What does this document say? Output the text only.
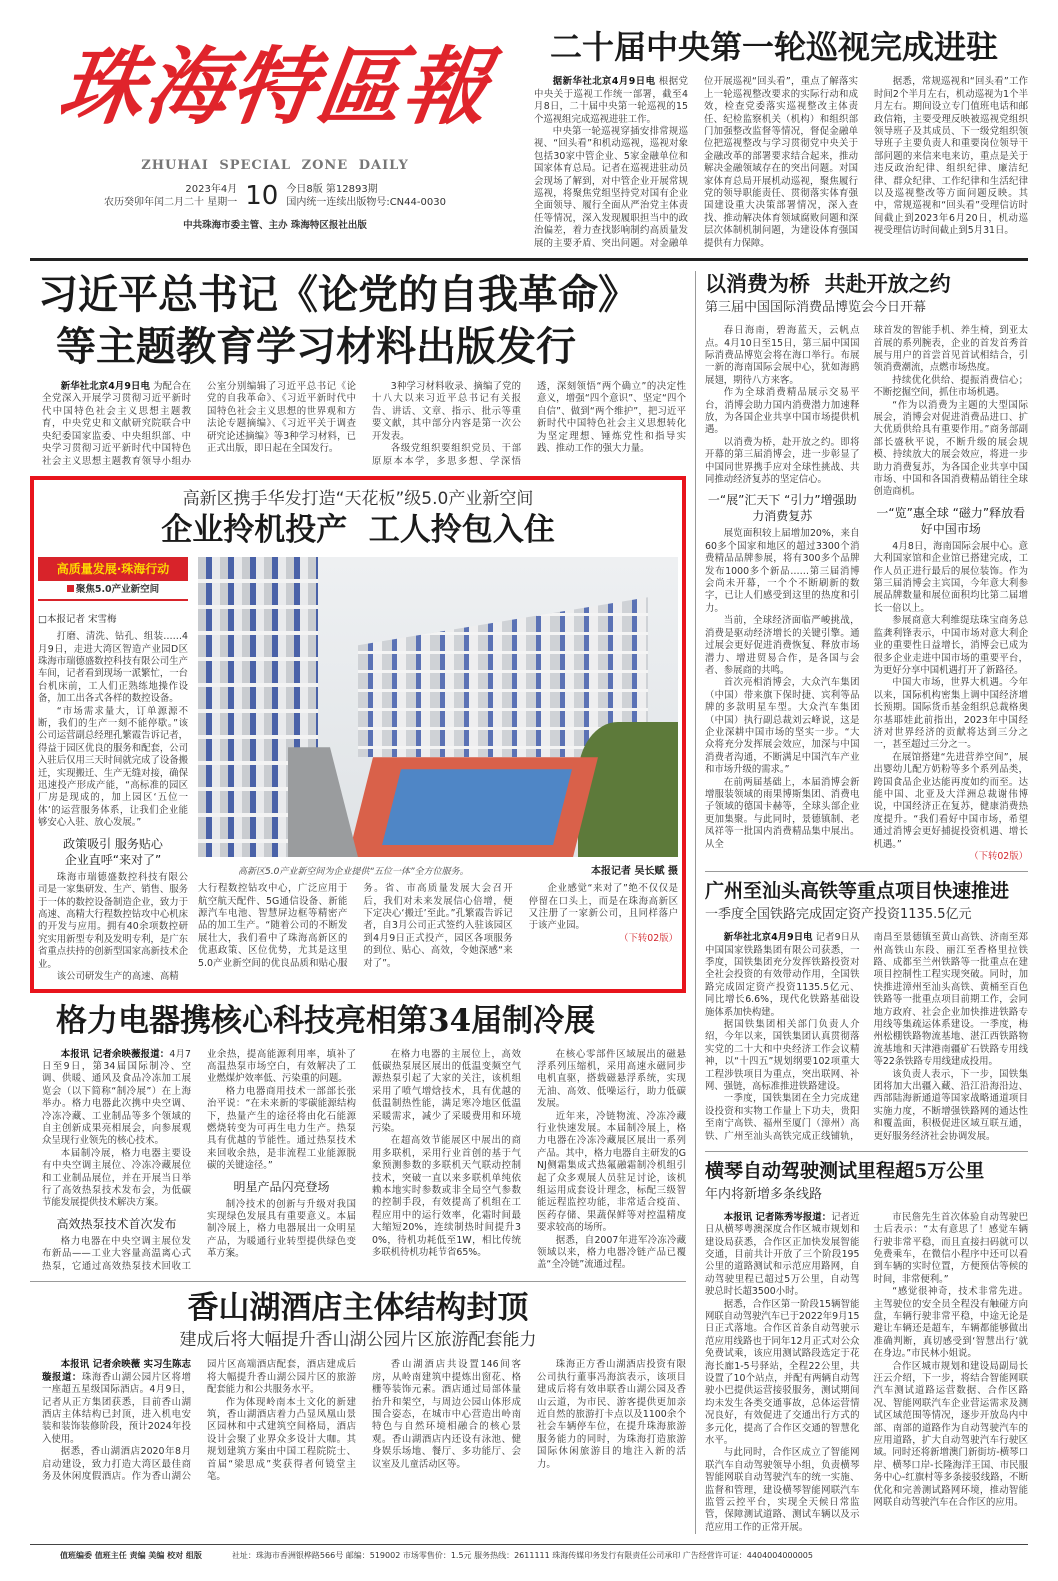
珠海特區報
ZHUHAI SPECIAL ZONE DAILY
2023年4月
农历癸卯年闰二月二十 星期一 10 今日8版 第12893期
国内统一连续出版物号:CN44-0030
中共珠海市委主管、主办 珠海特区报社出版
二十届中央第一轮巡视完成进驻

据新华社北京4月9日电 根据党中央关于巡视工作统一部署，截至4月8日，二十届中央第一轮巡视的15个巡视组完成巡视进驻工作。

中央第一轮巡视穿插安排常规巡视、“回头看”和机动巡视，巡视对象包括30家中管企业、5家金融单位和国家体育总局。记者在巡视进驻动员会现场了解到，对中管企业开展常规巡视，将聚焦党组坚持党对国有企业全面领导、履行全面从严治党主体责任等情况，深入发现履职担当中的政治偏差，着力查找影响制约高质量发展的主要矛盾、突出问题。对金融单位开展巡视“回头看”，重点了解落实上一轮巡视整改要求的实际行动和成效，检查党委落实巡视整改主体责任、纪检监察机关（机构）和组织部门加强整改监督等情况，督促金融单位把巡视整改与学习贯彻党中央关于金融改革的部署要求结合起来，推动解决金融领域存在的突出问题。对国家体育总局开展机动巡视，聚焦履行党的领导职能责任、贯彻落实体育强国建设重大决策部署情况，深入查找、推动解决体育领域腐败问题和深层次体制机制问题，为建设体育强国提供有力保障。

据悉，常规巡视和“回头看”工作时间2个半月左右，机动巡视为1个半月左右。期间设立专门值班电话和邮政信箱，主要受理反映被巡视党组织领导班子及其成员、下一级党组织领导班子主要负责人和重要岗位领导干部问题的来信来电来访，重点是关于违反政治纪律、组织纪律、廉洁纪律、群众纪律、工作纪律和生活纪律以及巡视整改等方面问题反映。其中，常规巡视和“回头看”受理信访时间截止到2023年6月20日，机动巡视受理信访时间截止到5月31日。

习近平总书记《论党的自我革命》
等主题教育学习材料出版发行

新华社北京4月9日电 为配合在全党深入开展学习贯彻习近平新时代中国特色社会主义思想主题教育，中央党史和文献研究院联合中央纪委国家监委、中央组织部、中央学习贯彻习近平新时代中国特色社会主义思想主题教育领导小组办公室分别编辑了习近平总书记《论党的自我革命》、《习近平新时代中国特色社会主义思想的世界观和方法论专题摘编》、《习近平关于调查研究论述摘编》等3种学习材料，已正式出版，即日起在全国发行。

3种学习材料收录、摘编了党的十八大以来习近平总书记有关报告、讲话、文章、指示、批示等重要文献，其中部分内容是第一次公开发表。

各级党组织要组织党员、干部原原本本学，多思多想、学深悟透，深刻领悟“两个确立”的决定性意义，增强“四个意识”、坚定“四个自信”、做到“两个维护”，把习近平新时代中国特色社会主义思想转化为坚定理想、锤炼党性和指导实践、推动工作的强大力量。

高新区携手华发打造“天花板”级5.0产业新空间
企业拎机投产  工人拎包入住
高质量发展·珠海行动
聚焦5.0产业新空间
□本报记者 宋雪梅

打磨、清洗、钻孔、组装……4月9日，走进大湾区智造产业园D区珠海市瑞德盛数控科技有限公司生产车间，记者看到现场一派繁忙，一台台机床前，工人们正熟练地操作设备，加工出各式各样的数控设备。

“市场需求量大，订单源源不断，我们的生产一刻不能停歇。”该公司运营副总经理孔繁霞告诉记者，得益于园区优良的服务和配套，公司入驻后仅用三天时间就完成了设备搬迁，实现搬迁、生产无缝对接，确保迅速投产形成产能，“高标准的园区厂房是现成的，加上园区‘五位一体’的运营服务体系，让我们企业能够安心入驻、放心发展。”

政策吸引 服务贴心
企业直呼“来对了”

珠海市瑞德盛数控科技有限公司是一家集研发、生产、销售、服务于一体的数控设备制造企业，致力于高速、高精大行程数控钻攻中心机床的开发与应用。拥有40余项数控研究实用新型专利及发明专利，是广东省重点扶持的创新型国家高新技术企业。

该公司研发生产的高速、高精

高新区5.0产业新空间为企业提供“五位一体”全方位服务。	本报记者 吴长赋 摄

大行程数控钻攻中心，广泛应用于航空航天配件、5G通信设备、新能源汽车电池、智慧屏边框等精密产品的加工生产。“随着公司的不断发展壮大，我们看中了珠海高新区的优惠政策、区位优势，尤其是这里5.0产业新空间的优良品质和贴心服务。省、市高质量发展大会召开后，我们对未来发展信心倍增，便下定决心‘搬迁’至此。”孔繁霞告诉记者，自3月公司正式签约入驻该园区到4月9日正式投产，园区各项服务的到位、贴心、高效，令她深感“来对了”。

企业感觉“来对了”绝不仅仅是停留在口头上，而是在珠海高新区又注册了一家新公司，且同样落户于该产业园。

（下转02版）

格力电器携核心科技亮相第34届制冷展

本报讯 记者余映薇报道：4月7日至9日，第34届国际制冷、空调、供暖、通风及食品冷冻加工展览会（以下简称“制冷展”）在上海举办。格力电器此次携中央空调、冷冻冷藏、工业制品等多个领域的自主创新成果亮相展会，向参展观众呈现行业领先的核心技术。

本届制冷展，格力电器主要设有中央空调主展位、冷冻冷藏展位和工业制品展位，并在开展当日举行了高效热泵技术发布会，为低碳节能发展提供技术解决方案。

高效热泵技术首次发布

格力电器在中央空调主展位发布新品——工业大容量高温离心式热泵，它通过高效热泵技术回收工业余热，提高能源利用率，填补了高温热泵市场空白，有效解决了工业燃煤炉效率低、污染重的问题。

格力电器商用技术一部部长张治平说：“在未来新的零碳能源结构下，热量产生的途径将由化石能源燃烧转变为可再生电力生产。热泵具有优越的节能性。通过热泵技术来回收余热，是非流程工业能源脱碳的关键途径。”

明星产品闪亮登场

制冷技术的创新与升级对我国实现绿色发展具有重要意义。本届制冷展上，格力电器展出一众明星产品，为暖通行业转型提供绿色变革方案。

在格力电器的主展位上，高效低碳热泵展区展出的低温变频空气源热泵引起了大家的关注，该机组采用了喷气增焓技术，具有优越的低温制热性能，满足寒冷地区低温采暖需求，减少了采暖费用和环境污染。

在超高效节能展区中展出的商用多联机，采用行业首创的基于气象预测参数的多联机天气联动控制技术，突破一直以来多联机单纯依赖本地实时参数或非全局空气参数的控制手段，有效提高了机组在工程应用中的运行效率，化霜时间最大缩短20%，连续制热时间提升30%，待机功耗低至1W，相比传统多联机待机功耗节省65%。

在核心零部件区域展出的磁悬浮系列压缩机，采用高速永磁同步电机直驱，搭载磁悬浮系统，实现无油、高效、低噪运行，助力低碳发展。

近年来，冷链物流、冷冻冷藏行业快速发展。本届制冷展上，格力电器在冷冻冷藏展区展出一系列产品。其中，格力电器自主研发的GNJ侧霜集成式热氟融霜制冷机组引起了众多观展人员驻足讨论，该机组运用成套设计理念，标配三级智能远程监控功能，非常适合疫苗、医药存储、果蔬保鲜等对控温精度要求较高的场所。

据悉，自2007年进军冷冻冷藏领域以来，格力电器冷链产品已覆盖“全冷链”流通过程。

香山湖酒店主体结构封顶
建成后将大幅提升香山湖公园片区旅游配套能力

本报讯 记者余映薇 实习生陈志璇报道：珠海香山湖公园片区将增一座超五星级国际酒店。4月9日，记者从正方集团获悉，目前香山湖酒店主体结构已封顶，进入机电安装和装饰装修阶段，预计2024年投入使用。

据悉，香山湖酒店2020年8月启动建设，致力打造大湾区最佳商务及休闲度假酒店。作为香山湖公园片区高端酒店配套，酒店建成后将大幅提升香山湖公园片区的旅游配套能力和公共服务水平。

作为体现岭南本土文化的新建筑，香山湖酒店着力凸显凤凰山景区园林和中式建筑空间格局，酒店设计会聚了业界众多设计大咖。其规划建筑方案由中国工程院院士、首届“梁思成”奖获得者何镜堂主笔。

香山湖酒店共设置146间客房，从岭南建筑中提炼出窗花、格栅等装饰元素。酒店通过局部体量抬升和架空，与周边公园山体形成围合姿态，在城市中心营造出岭南特色与自然环境相融合的核心景观。香山湖酒店内还设有泳池、健身娱乐场地、餐厅、多功能厅、会议室及儿童活动区等。

珠海正方香山湖酒店投资有限公司执行董事冯海滨表示，该项目建成后将有效串联香山湖公园及香山云道，为市民、游客提供更加亲近自然的旅游打卡点以及1100余个社会车辆停车位，在提升珠海旅游服务能力的同时，为珠海打造旅游国际休闲旅游目的地注入新的活力。

以消费为桥  共赴开放之约
第三届中国国际消费品博览会今日开幕

春日海南，碧海蓝天，云帆点点。4月10日至15日，第三届中国国际消费品博览会将在海口举行。布展一新的海南国际会展中心，犹如海鸥展翅，期待八方来客。

作为全球消费精品展示交易平台，消博会助力国内消费潜力加速释放，为各国企业共享中国市场提供机遇。

以消费为桥，赴开放之约。即将开幕的第三届消博会，进一步彰显了中国同世界携手应对全球性挑战、共同推动经济复苏的坚定信心。

一“展”汇天下 “引力”增强助力消费复苏

展览面积较上届增加20%，来自60多个国家和地区的超过3300个消费精品品牌参展，将有300多个品牌发布1000多个新品……第三届消博会尚未开幕，一个个不断刷新的数字，已让人们感受到这里的热度和引力。

当前，全球经济面临严峻挑战，消费是驱动经济增长的关键引擎。通过展会更好促进消费恢复、释放市场潜力、增进贸易合作，是各国与会者、参展商的共鸣。

首次亮相消博会，大众汽车集团（中国）带来旗下保时捷、宾利等品牌的多款明星车型。大众汽车集团（中国）执行副总裁刘云峰说，这是企业深耕中国市场的坚实一步。“大众将充分发挥展会效应，加深与中国消费者沟通，不断满足中国汽车产业和市场升级的需求。”

在前两届基础上，本届消博会新增服装领域的雨果博斯集团、消费电子领域的德国卡赫等，全球头部企业更加集聚。与此同时，景德镇制、老凤祥等一批国内消费精品集中展出。从全

球首发的智能手机、养生椅，到亚太首展的系列腕表，企业的首发首秀首展与用户的首尝首见首试相结合，引领消费潮流，点燃市场热度。

持续优化供给、提振消费信心；不断挖掘空间，抓住市场机遇。

“作为以消费为主题的大型国际展会，消博会对促进消费品进口、扩大优质供给具有重要作用。”商务部副部长盛秋平说，不断升级的展会规模、持续放大的展会效应，将进一步助力消费复苏，为各国企业共享中国市场、中国和各国消费精品销往全球创造商机。

一“览”惠全球 “磁力”释放看好中国市场

4月8日，海南国际会展中心。意大利国家馆和企业馆已搭建完成，工作人员正进行最后的展位装饰。作为第三届消博会主宾国，今年意大利参展品牌数量和展位面积均比第二届增长一倍以上。

参展商意大利维缇珐珠宝商务总监龚利锋表示，中国市场对意大利企业的重要性日益增长，消博会已成为很多企业走进中国市场的重要平台，为更好分享中国机遇打开了新路径。

中国大市场，世界大机遇。今年以来，国际机构密集上调中国经济增长预期。国际货币基金组织总裁格奥尔基耶娃此前指出，2023年中国经济对世界经济的贡献将达到三分之一，甚至超过三分之一。

在展馆搭建“先进营养空间”，展出婴幼儿配方奶粉等多个系列品类，跨国食品企业达能再度如约而至。达能中国、北亚及大洋洲总裁谢伟博说，中国经济正在复苏，健康消费热度提升。“我们看好中国市场，希望通过消博会更好捕捉投资机遇、增长机遇。”

（下转02版）

广州至汕头高铁等重点项目快速推进
一季度全国铁路完成固定资产投资1135.5亿元

新华社北京4月9日电 记者9日从中国国家铁路集团有限公司获悉，一季度，国铁集团充分发挥铁路投资对全社会投资的有效带动作用，全国铁路完成固定资产投资1135.5亿元、同比增长6.6%，现代化铁路基础设施体系加快构建。

据国铁集团相关部门负责人介绍，今年以来，国铁集团认真贯彻落实党的二十大和中央经济工作会议精神，以“十四五”规划纲要102项重大工程涉铁项目为重点，突出联网、补网、强链，高标准推进铁路建设。

一季度，国铁集团在全力完成建设投资和实物工作量上下功夫，贵阳至南宁高铁、福州至厦门（漳州）高铁、广州至汕头高铁完成正线铺轨，南昌至景德镇至黄山高铁、济南至郑州高铁山东段、丽江至香格里拉铁路、成都至兰州铁路等一批重点在建项目控制性工程实现突破。同时，加快推进漳州至汕头高铁、黄桶至百色铁路等一批重点项目前期工作，会同地方政府、社会企业加快推进铁路专用线等集疏运体系建设。一季度，梅州松棚铁路物流基地、湛江西铁路物流基地和天津港南疆矿石铁路专用线等22条铁路专用线建成投用。

该负责人表示，下一步，国铁集团将加大出疆入藏、沿江沿海沿边、西部陆海新通道等国家战略通道项目实施力度，不断增强铁路网的通达性和覆盖面，积极促进区域互联互通，更好服务经济社会协调发展。

横琴自动驾驶测试里程超5万公里
年内将新增多条线路

本报讯 记者陈秀岑报道：记者近日从横琴粤澳深度合作区城市规划和建设局获悉，合作区正加快发展智能交通，目前共计开放了三个阶段195公里的道路测试和示范应用路网，自动驾驶里程已超过5万公里，自动驾驶总时长超3500小时。

据悉，合作区第一阶段15辆智能网联自动驾驶汽车已于2022年9月15日正式落地。合作区首条自动驾驶示范应用线路也于同年12月正式对公众免费试乘，该应用测试路段选定于花海长廊1-5号驿站，全程22公里，共设置了10个站点，并配有两辆自动驾驶小巴提供运营接驳服务，测试期间均未发生各类交通事故，总体运营情况良好，有效促进了交通出行方式的多元化，提高了合作区交通的智慧化水平。

与此同时，合作区成立了智能网联汽车自动驾驶领导小组，负责横琴智能网联自动驾驶汽车的统一实施、监督和管理，建设横琴智能网联汽车监管云控平台，实现全天候日常监管，保障测试道路、测试车辆以及示范应用工作的正常开展。

市民詹先生首次体验自动驾驶巴士后表示：“太有意思了！感觉车辆行驶非常平稳，而且直接扫码就可以免费乘车，在微信小程序中还可以看到车辆的实时位置，方便预估等候的时间，非常便利。”

“感觉很神奇，技术非常先进。主驾驶位的安全员全程没有触碰方向盘，车辆行驶非常平稳，中途无论是避让车辆还是超车，车辆都能够做出准确判断，真切感受到‘智慧出行’就在身边。”市民林小姐说。

合作区城市规划和建设局副局长汪云介绍，下一步，将结合智能网联汽车测试道路运营数据、合作区路况、智能网联汽车企业营运需求及测试区域范围等情况，逐步开放岛内中部、南部的道路作为自动驾驶汽车的应用道路，扩大自动驾驶汽车行驶区域。同时还将新增澳门新街坊-横琴口岸、横琴口岸-长隆海洋王国、市民服务中心-红旗村等多条接驳线路，不断优化和完善测试路网环境，推动智能网联自动驾驶汽车在合作区的应用。

值班编委 值班主任 责编 美编 校对 组版	社址：珠海市香洲银桦路566号 邮编：519002 市场零售价：1.5元 服务热线：2611111 珠海传媒印务发行有限责任公司承印 广告经营许可证：4404004000005
